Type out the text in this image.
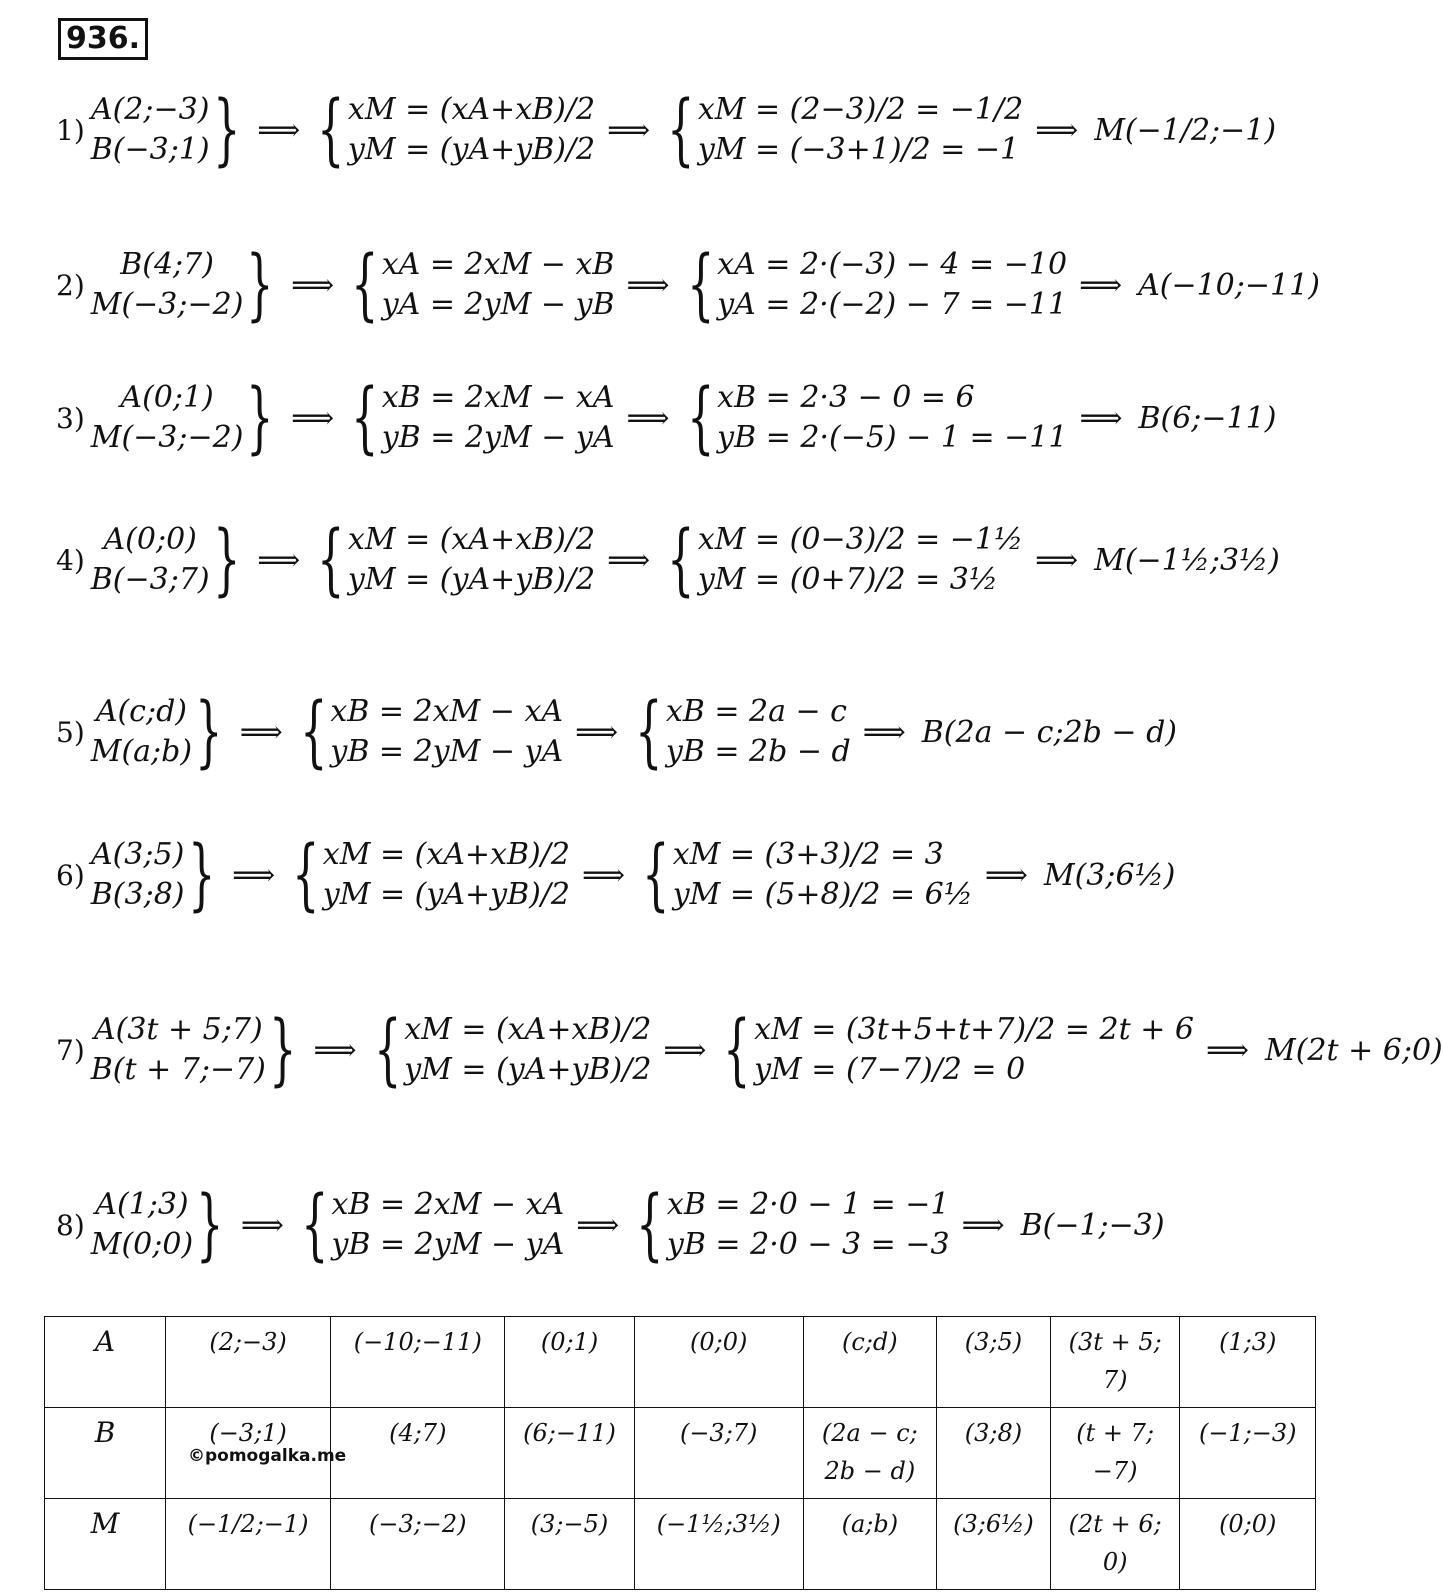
936.
1)
A(2;−3)
B(−3;1) } ⟹ { xM = (xA+xB)/2
yM = (yA+yB)/2
⟹ { xM = (2−3)/2 = −1/2
yM = (−3+1)/2 = −1
⟹ M(−1/2;−1)
2)
B(4;7)
M(−3;−2) } ⟹ { xA = 2xM − xB
yA = 2yM − yB
⟹ { xA = 2·(−3) − 4 = −10
yA = 2·(−2) − 7 = −11
⟹ A(−10;−11)
3)
A(0;1)
M(−3;−2) } ⟹ { xB = 2xM − xA
yB = 2yM − yA
⟹ { xB = 2·3 − 0 = 6
yB = 2·(−5) − 1 = −11
⟹ B(6;−11)
4)
A(0;0)
B(−3;7) } ⟹ { xM = (xA+xB)/2
yM = (yA+yB)/2
⟹ { xM = (0−3)/2 = −1½
yM = (0+7)/2 = 3½
⟹ M(−1½;3½)
5)
A(c;d)
M(a;b) } ⟹ { xB = 2xM − xA
yB = 2yM − yA
⟹ { xB = 2a − c
yB = 2b − d
⟹ B(2a − c;2b − d)
6)
A(3;5)
B(3;8) } ⟹ { xM = (xA+xB)/2
yM = (yA+yB)/2
⟹ { xM = (3+3)/2 = 3
yM = (5+8)/2 = 6½
⟹ M(3;6½)
7)
A(3t + 5;7)
B(t + 7;−7) } ⟹ { xM = (xA+xB)/2
yM = (yA+yB)/2
⟹ { xM = (3t+5+t+7)/2 = 2t + 6
yM = (7−7)/2 = 0
⟹ M(2t + 6;0)
8)
A(1;3)
M(0;0) } ⟹ { xB = 2xM − xA
yB = 2yM − yA
⟹ { xB = 2·0 − 1 = −1
yB = 2·0 − 3 = −3
⟹ B(−1;−3)
A	(2;−3)	(−10;−11)	(0;1)	(0;0)	(c;d)	(3;5)	(3t + 5;
7)	(1;3)
B	(−3;1)	(4;7)	(6;−11)	(−3;7)	(2a − c;
2b − d)	(3;8)	(t + 7;
−7)	(−1;−3)
M	(−1/2;−1)	(−3;−2)	(3;−5)	(−1½;3½)	(a;b)	(3;6½)	(2t + 6;
0)	(0;0)
©pomogalka.me
